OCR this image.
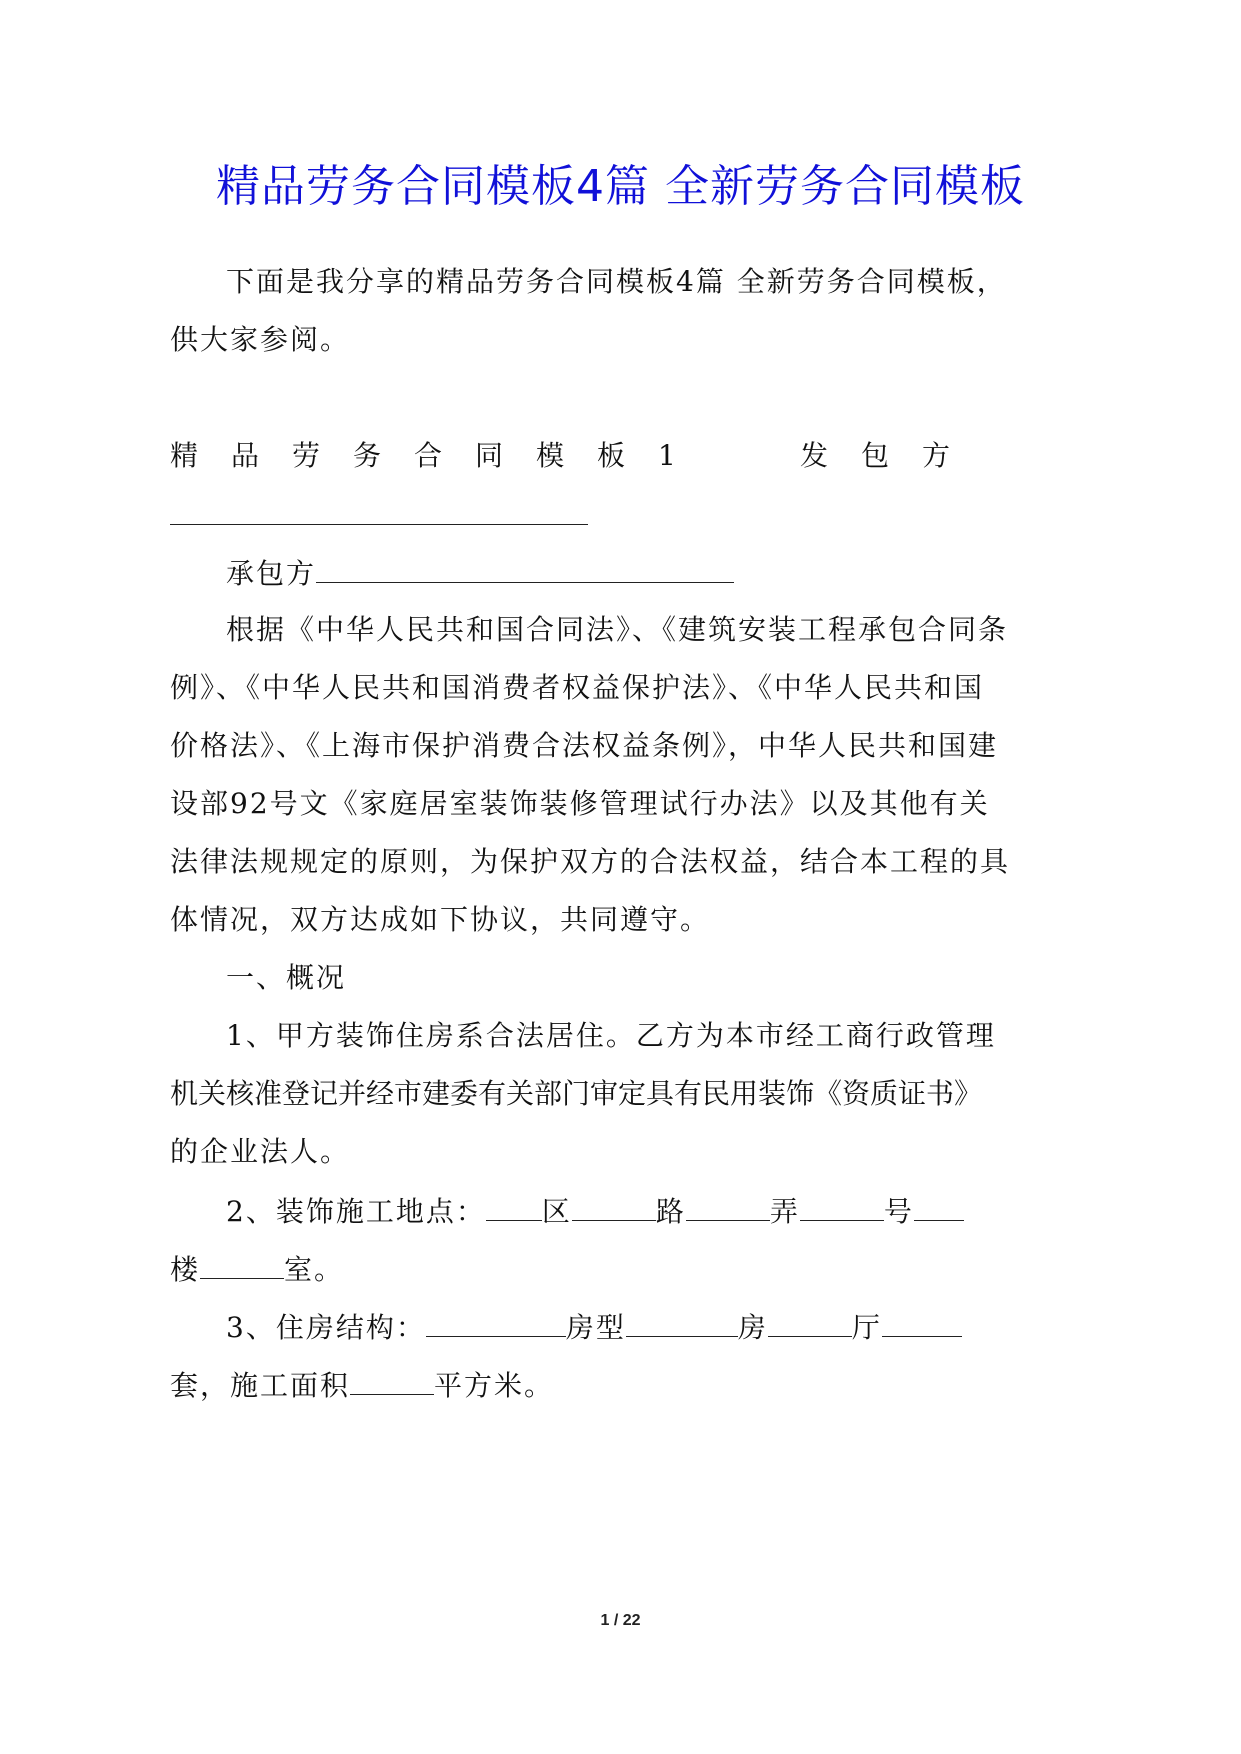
精品劳务合同模板4篇 全新劳务合同模板
下面是我分享的精品劳务合同模板4篇 全新劳务合同模板，
供大家参阅。
精品劳务合同模板1	发包方
承包方
根据《中华人民共和国合同法》、《建筑安装工程承包合同条
例》、《中华人民共和国消费者权益保护法》、《中华人民共和国
价格法》、《上海市保护消费合法权益条例》，中华人民共和国建
设部92号文《家庭居室装饰装修管理试行办法》以及其他有关
法律法规规定的原则，为保护双方的合法权益，结合本工程的具
体情况，双方达成如下协议，共同遵守。
一、概况
1、甲方装饰住房系合法居住。乙方为本市经工商行政管理
机关核准登记并经市建委有关部门审定具有民用装饰《资质证书》
的企业法人。
2、装饰施工地点： 区	路	弄	号
楼	室。
3、住房结构：	房型	房	厅
套，施工面积	平方米。
1 / 22
